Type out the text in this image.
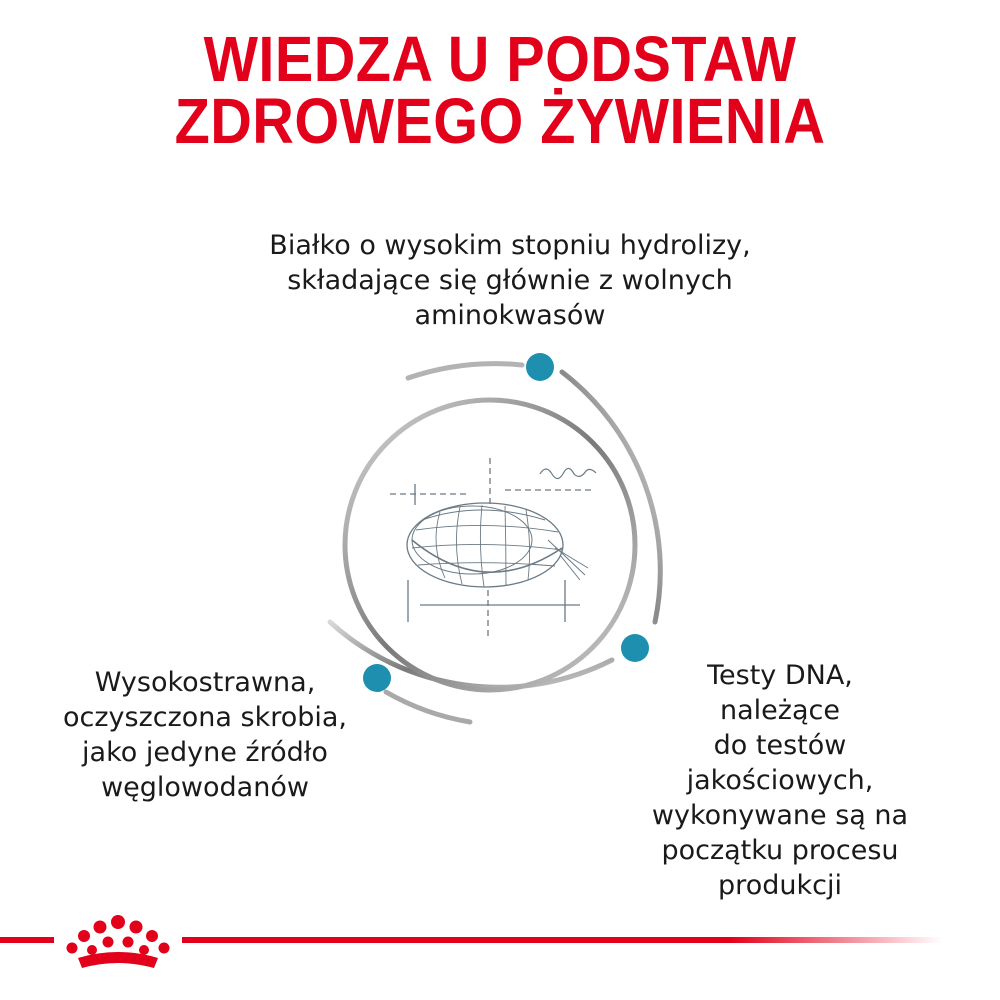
WIEDZA U PODSTAW
ZDROWEGO ŻYWIENIA
Białko o wysokim stopniu hydrolizy,
składające się głównie z wolnych
aminokwasów
Wysokostrawna,
oczyszczona skrobia,
jako jedyne źródło
węglowodanów
Testy DNA,
należące
do testów
jakościowych,
wykonywane są na
początku procesu
produkcji
